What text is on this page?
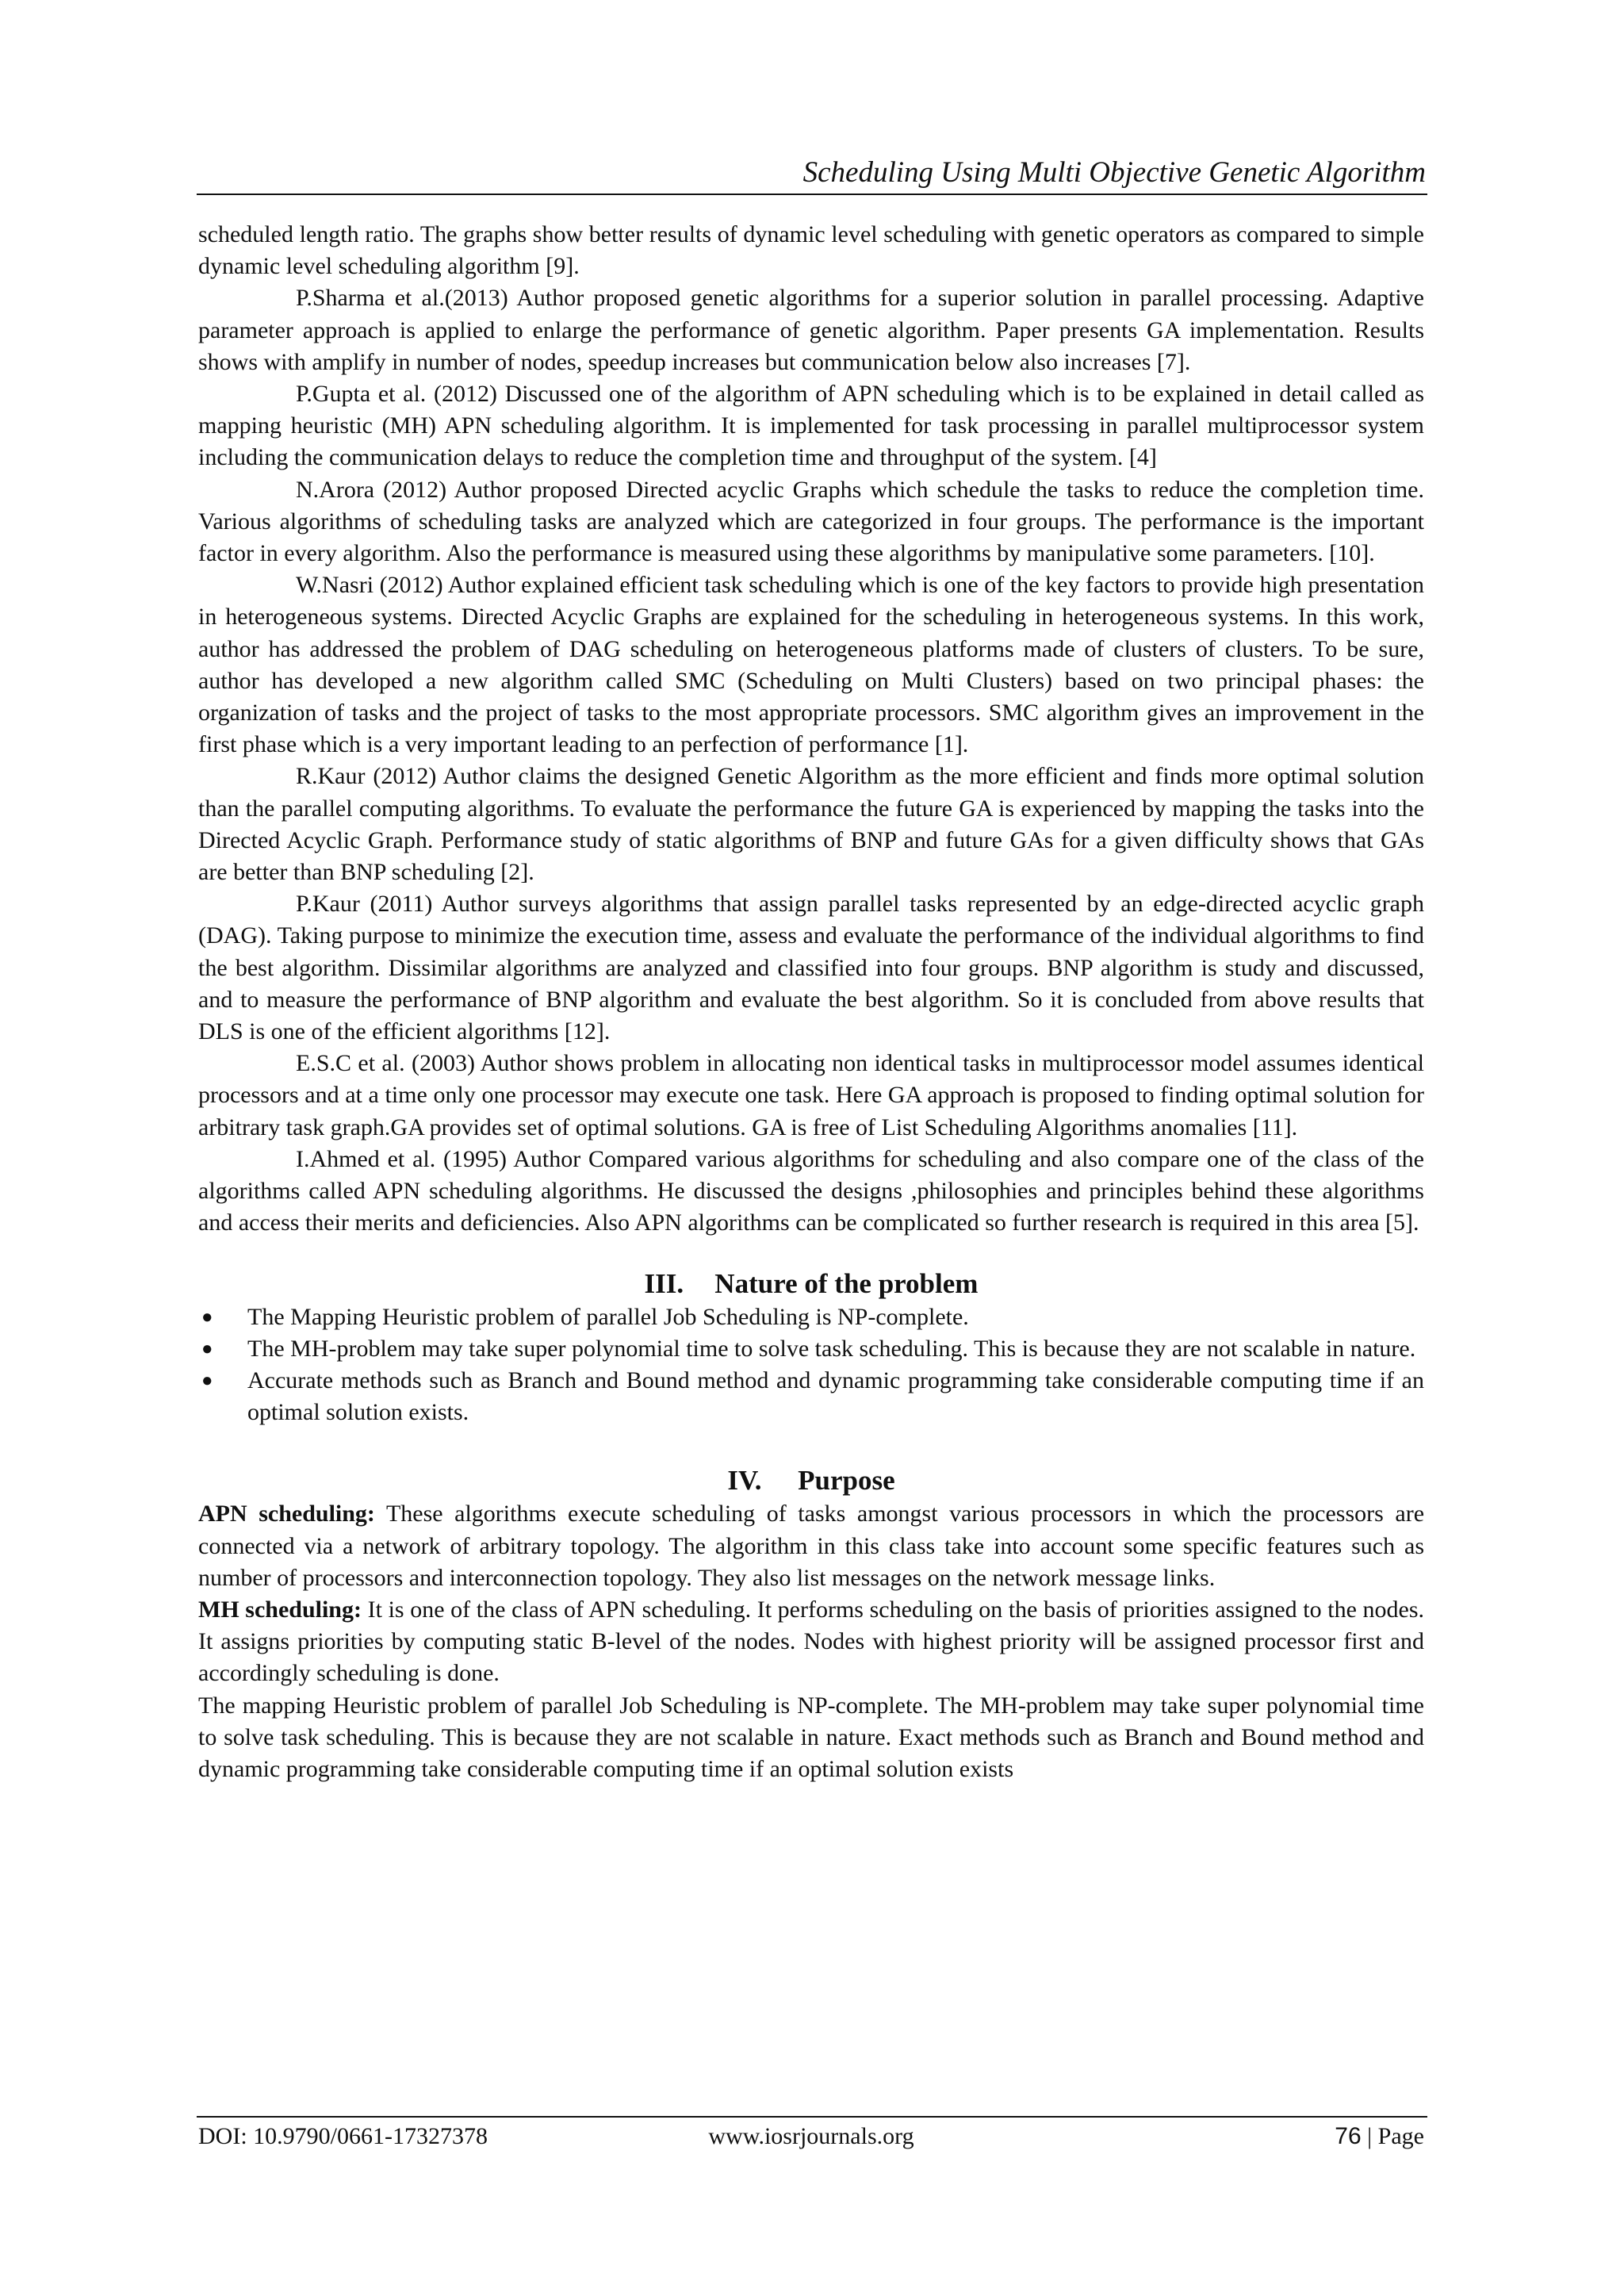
Scheduling Using Multi Objective Genetic Algorithm

scheduled length ratio. The graphs show better results of dynamic level scheduling with genetic operators as compared to simple dynamic level scheduling algorithm [9].

P.Sharma et al.(2013) Author proposed genetic algorithms for a superior solution in parallel processing. Adaptive parameter approach is applied to enlarge the performance of genetic algorithm. Paper presents GA implementation. Results shows with amplify in number of nodes, speedup increases but communication below also increases [7].

P.Gupta et al. (2012) Discussed one of the algorithm of APN scheduling which is to be explained in detail called as mapping heuristic (MH) APN scheduling algorithm. It is implemented for task processing in parallel multiprocessor system including the communication delays to reduce the completion time and throughput of the system. [4]

N.Arora (2012) Author proposed Directed acyclic Graphs which schedule the tasks to reduce the completion time. Various algorithms of scheduling tasks are analyzed which are categorized in four groups. The performance is the important factor in every algorithm. Also the performance is measured using these algorithms by manipulative some parameters. [10].

W.Nasri (2012) Author explained efficient task scheduling which is one of the key factors to provide high presentation in heterogeneous systems. Directed Acyclic Graphs are explained for the scheduling in heterogeneous systems. In this work, author has addressed the problem of DAG scheduling on heterogeneous platforms made of clusters of clusters. To be sure, author has developed a new algorithm called SMC (Scheduling on Multi Clusters) based on two principal phases: the organization of tasks and the project of tasks to the most appropriate processors. SMC algorithm gives an improvement in the first phase which is a very important leading to an perfection of performance [1].

R.Kaur (2012) Author claims the designed Genetic Algorithm as the more efficient and finds more optimal solution than the parallel computing algorithms. To evaluate the performance the future GA is experienced by mapping the tasks into the Directed Acyclic Graph. Performance study of static algorithms of BNP and future GAs for a given difficulty shows that GAs are better than BNP scheduling [2].

P.Kaur (2011) Author surveys algorithms that assign parallel tasks represented by an edge-directed acyclic graph (DAG). Taking purpose to minimize the execution time, assess and evaluate the performance of the individual algorithms to find the best algorithm. Dissimilar algorithms are analyzed and classified into four groups. BNP algorithm is study and discussed, and to measure the performance of BNP algorithm and evaluate the best algorithm. So it is concluded from above results that DLS is one of the efficient algorithms [12].

E.S.C et al. (2003) Author shows problem in allocating non identical tasks in multiprocessor model assumes identical processors and at a time only one processor may execute one task. Here GA approach is proposed to finding optimal solution for arbitrary task graph.GA provides set of optimal solutions. GA is free of List Scheduling Algorithms anomalies [11].

I.Ahmed et al. (1995) Author Compared various algorithms for scheduling and also compare one of the class of the algorithms called APN scheduling algorithms. He discussed the designs ,philosophies and principles behind these algorithms and access their merits and deficiencies. Also APN algorithms can be complicated so further research is required in this area [5].

III. Nature of the problem
● The Mapping Heuristic problem of parallel Job Scheduling is NP-complete.
● The MH-problem may take super polynomial time to solve task scheduling. This is because they are not scalable in nature.
● Accurate methods such as Branch and Bound method and dynamic programming take considerable computing time if an optimal solution exists.
IV. Purpose

APN scheduling: These algorithms execute scheduling of tasks amongst various processors in which the processors are connected via a network of arbitrary topology. The algorithm in this class take into account some specific features such as number of processors and interconnection topology. They also list messages on the network message links.

MH scheduling: It is one of the class of APN scheduling. It performs scheduling on the basis of priorities assigned to the nodes. It assigns priorities by computing static B-level of the nodes. Nodes with highest priority will be assigned processor first and accordingly scheduling is done.

The mapping Heuristic problem of parallel Job Scheduling is NP-complete. The MH-problem may take super polynomial time to solve task scheduling. This is because they are not scalable in nature. Exact methods such as Branch and Bound method and dynamic programming take considerable computing time if an optimal solution exists

DOI: 10.9790/0661-17327378	www.iosrjournals.org	76 | Page
